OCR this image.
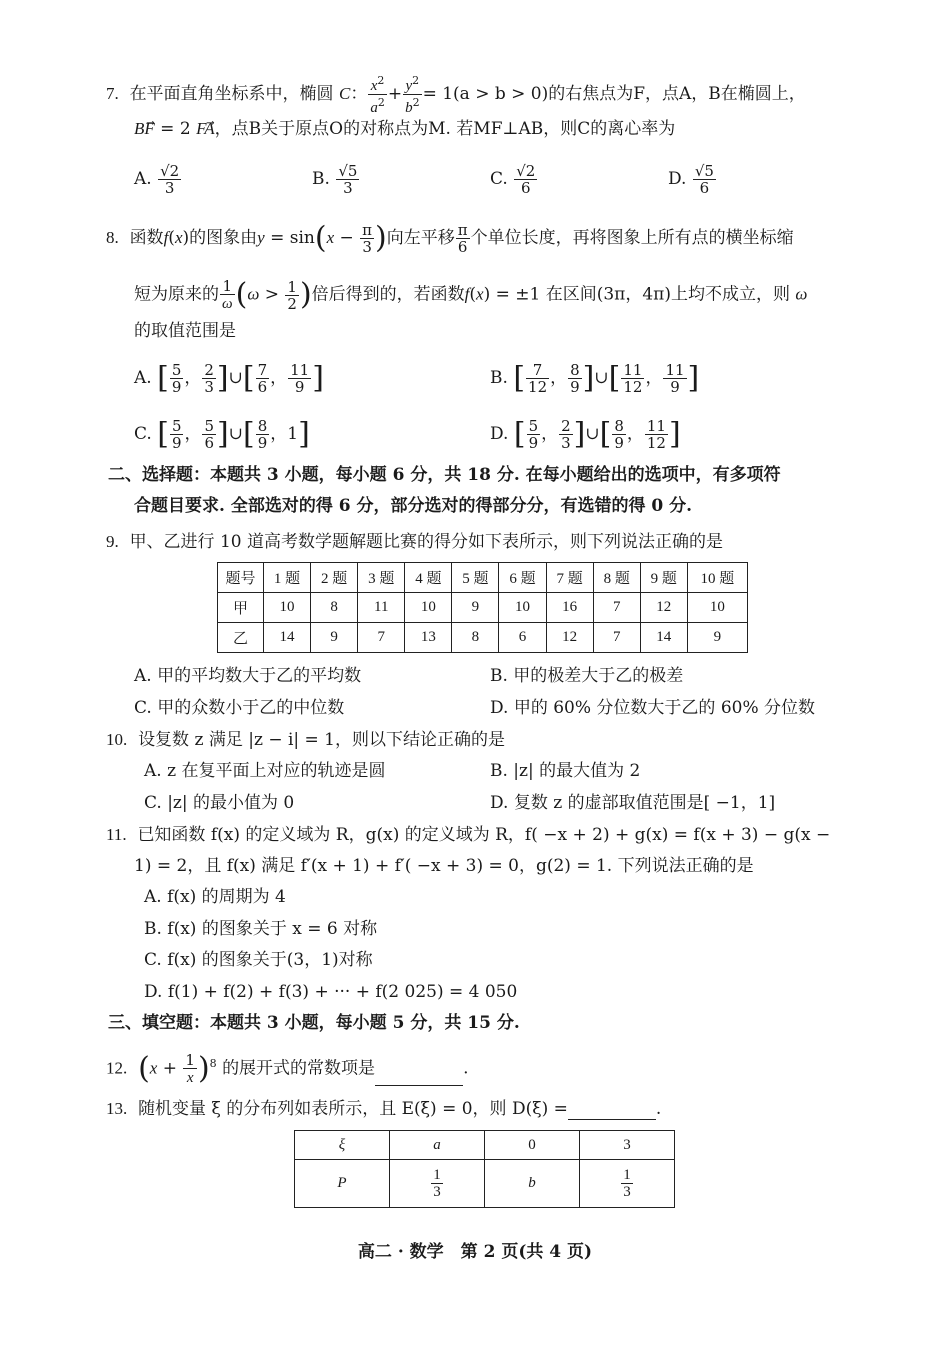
7. 在平面直角坐标系中，椭圆 C： $\frac{x^2}{a^2} + \frac{y^2}{b^2} = 1(a > b > 0)$的右焦点为F，点A，B在椭圆上，
BF⃗ = 2 FA，点B关于原点O的对称点为M. 若MF⊥AB，则C的离心率为
A. $\frac{√2}{3}$	B. $\frac{√5}{3}$	C. $\frac{√2}{6}$	D. $\frac{√5}{6}$
8. 函数f(x)的图象由$y = \sin(x - \frac{\pi}{3}$ )向左平移 $\frac{\pi}{6}$ 个单位长度，再将图象上所有点的横坐标缩
短为原来的 $\frac{1}{\omega} (\omega > \frac{1}{2}$ )倍后得到的，若函数f(x) = ±1 在区间(3π，4π)上均不成立，则 ω
的取值范围是
A. [ $\frac{5}{9}$ ， $\frac{2}{3}$ ]∪[ $\frac{7}{6}$ ， $\frac{11}{9}$ ]	B. [ $\frac{7}{12}$ ， $\frac{8}{9}$ ]∪[ $\frac{11}{12}$ ， $\frac{11}{9}$ ]
C. [ $\frac{5}{9}$ ， $\frac{5}{6}$ ]∪[ $\frac{8}{9}$ ，1]	D. [ $\frac{5}{9}$ ， $\frac{2}{3}$ ]∪[ $\frac{8}{9}$ ， $\frac{11}{12}$ ]
二、选择题：本题共 3 小题，每小题 6 分，共 18 分. 在每小题给出的选项中，有多项符
合题目要求. 全部选对的得 6 分，部分选对的得部分分，有选错的得 0 分.
9. 甲、乙进行 10 道高考数学题解题比赛的得分如下表所示，则下列说法正确的是
题号	1 题	2 题	3 题	4 题	5 题	6 题	7 题	8 题	9 题	10 题
甲	10	8	11	10	9	10	16	7	12	10
乙	14	9	7	13	8	6	12	7	14	9
A. 甲的平均数大于乙的平均数	B. 甲的极差大于乙的极差
C. 甲的众数小于乙的中位数	D. 甲的 60% 分位数大于乙的 60% 分位数
10. 设复数 z 满足 |z − i| = 1，则以下结论正确的是
A. z 在复平面上对应的轨迹是圆	B. |z| 的最大值为 2
C. |z| 的最小值为 0	D. 复数 z 的虚部取值范围是[ −1，1]
11. 已知函数 f(x) 的定义域为 R，g(x) 的定义域为 R，f( −x + 2) + g(x) = f(x + 3) − g(x −
1) = 2，且 f(x) 满足 f′(x + 1) + f′( −x + 3) = 0，g(2) = 1. 下列说法正确的是
A. f(x) 的周期为 4
B. f(x) 的图象关于 x = 6 对称
C. f(x) 的图象关于(3，1)对称
D. f(1) + f(2) + f(3) + ··· + f(2 025) = 4 050
三、填空题：本题共 3 小题，每小题 5 分，共 15 分.
12. $(x + \frac{1}{x} )^8$ 的展开式的常数项是	.
13. 随机变量 ξ 的分布列如表所示，且 E(ξ) = 0，则 D(ξ) =	.
ξ	a	0	3
P	$\frac{1}{3}$	b	$\frac{1}{3}$
高二 · 数学　第 2 页(共 4 页)
